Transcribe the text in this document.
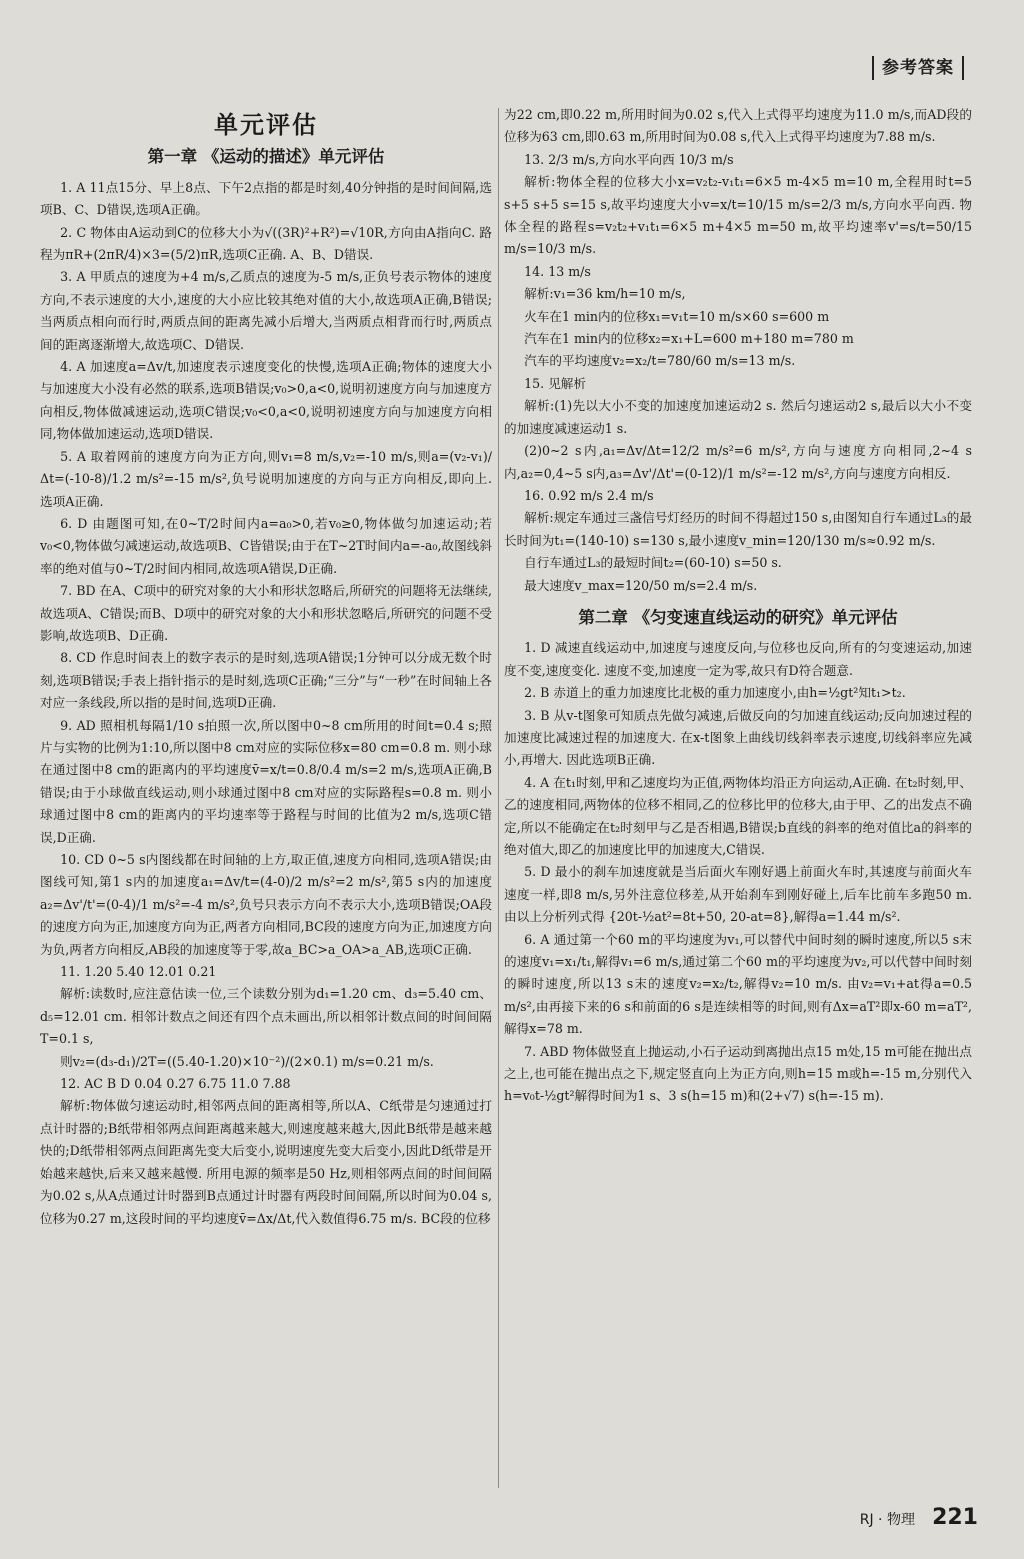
参考答案
单元评估
第一章 《运动的描述》单元评估

1. A 11点15分、早上8点、下午2点指的都是时刻,40分钟指的是时间间隔,选项B、C、D错误,选项A正确。

2. C 物体由A运动到C的位移大小为√((3R)²+R²)=√10R,方向由A指向C. 路程为πR+(2πR/4)×3=(5/2)πR,选项C正确. A、B、D错误.

3. A 甲质点的速度为+4 m/s,乙质点的速度为-5 m/s,正负号表示物体的速度方向,不表示速度的大小,速度的大小应比较其绝对值的大小,故选项A正确,B错误;当两质点相向而行时,两质点间的距离先减小后增大,当两质点相背而行时,两质点间的距离逐渐增大,故选项C、D错误.

4. A 加速度a=Δv/t,加速度表示速度变化的快慢,选项A正确;物体的速度大小与加速度大小没有必然的联系,选项B错误;v₀>0,a<0,说明初速度方向与加速度方向相反,物体做减速运动,选项C错误;v₀<0,a<0,说明初速度方向与加速度方向相同,物体做加速运动,选项D错误.

5. A 取着网前的速度方向为正方向,则v₁=8 m/s,v₂=-10 m/s,则a=(v₂-v₁)/Δt=(-10-8)/1.2 m/s²=-15 m/s²,负号说明加速度的方向与正方向相反,即向上. 选项A正确.

6. D 由题图可知,在0~T/2时间内a=a₀>0,若v₀≥0,物体做匀加速运动;若v₀<0,物体做匀减速运动,故选项B、C皆错误;由于在T~2T时间内a=-a₀,故图线斜率的绝对值与0~T/2时间内相同,故选项A错误,D正确.

7. BD 在A、C项中的研究对象的大小和形状忽略后,所研究的问题将无法继续,故选项A、C错误;而B、D项中的研究对象的大小和形状忽略后,所研究的问题不受影响,故选项B、D正确.

8. CD 作息时间表上的数字表示的是时刻,选项A错误;1分钟可以分成无数个时刻,选项B错误;手表上指针指示的是时刻,选项C正确;“三分”与“一秒”在时间轴上各对应一条线段,所以指的是时间,选项D正确.

9. AD 照相机每隔1/10 s拍照一次,所以图中0~8 cm所用的时间t=0.4 s;照片与实物的比例为1:10,所以图中8 cm对应的实际位移x=80 cm=0.8 m. 则小球在通过图中8 cm的距离内的平均速度v̄=x/t=0.8/0.4 m/s=2 m/s,选项A正确,B错误;由于小球做直线运动,则小球通过图中8 cm对应的实际路程s=0.8 m. 则小球通过图中8 cm的距离内的平均速率等于路程与时间的比值为2 m/s,选项C错误,D正确.

10. CD 0~5 s内图线都在时间轴的上方,取正值,速度方向相同,选项A错误;由图线可知,第1 s内的加速度a₁=Δv/t=(4-0)/2 m/s²=2 m/s²,第5 s内的加速度a₂=Δv'/t'=(0-4)/1 m/s²=-4 m/s²,负号只表示方向不表示大小,选项B错误;OA段的速度方向为正,加速度方向为正,两者方向相同,BC段的速度方向为正,加速度方向为负,两者方向相反,AB段的加速度等于零,故a_BC>a_OA>a_AB,选项C正确.

11. 1.20 5.40 12.01 0.21

解析:读数时,应注意估读一位,三个读数分别为d₁=1.20 cm、d₃=5.40 cm、d₅=12.01 cm. 相邻计数点之间还有四个点未画出,所以相邻计数点间的时间间隔T=0.1 s,

则v₂=(d₃-d₁)/2T=((5.40-1.20)×10⁻²)/(2×0.1) m/s=0.21 m/s.

12. AC B D 0.04 0.27 6.75 11.0 7.88

解析:物体做匀速运动时,相邻两点间的距离相等,所以A、C纸带是匀速通过打点计时器的;B纸带相邻两点间距离越来越大,则速度越来越大,因此B纸带是越来越快的;D纸带相邻两点间距离先变大后变小,说明速度先变大后变小,因此D纸带是开始越来越快,后来又越来越慢. 所用电源的频率是50 Hz,则相邻两点间的时间间隔为0.02 s,从A点通过计时器到B点通过计时器有两段时间间隔,所以时间为0.04 s,位移为0.27 m,这段时间的平均速度v̄=Δx/Δt,代入数值得6.75 m/s. BC段的位移

为22 cm,即0.22 m,所用时间为0.02 s,代入上式得平均速度为11.0 m/s,而AD段的位移为63 cm,即0.63 m,所用时间为0.08 s,代入上式得平均速度为7.88 m/s.

13. 2/3 m/s,方向水平向西 10/3 m/s

解析:物体全程的位移大小x=v₂t₂-v₁t₁=6×5 m-4×5 m=10 m,全程用时t=5 s+5 s+5 s=15 s,故平均速度大小v=x/t=10/15 m/s=2/3 m/s,方向水平向西. 物体全程的路程s=v₂t₂+v₁t₁=6×5 m+4×5 m=50 m,故平均速率v'=s/t=50/15 m/s=10/3 m/s.

14. 13 m/s

解析:v₁=36 km/h=10 m/s,

火车在1 min内的位移x₁=v₁t=10 m/s×60 s=600 m

汽车在1 min内的位移x₂=x₁+L=600 m+180 m=780 m

汽车的平均速度v₂=x₂/t=780/60 m/s=13 m/s.

15. 见解析

解析:(1)先以大小不变的加速度加速运动2 s. 然后匀速运动2 s,最后以大小不变的加速度减速运动1 s.

(2)0~2 s内,a₁=Δv/Δt=12/2 m/s²=6 m/s²,方向与速度方向相同,2~4 s内,a₂=0,4~5 s内,a₃=Δv'/Δt'=(0-12)/1 m/s²=-12 m/s²,方向与速度方向相反.

16. 0.92 m/s 2.4 m/s

解析:规定车通过三盏信号灯经历的时间不得超过150 s,由图知自行车通过L₃的最长时间为t₁=(140-10) s=130 s,最小速度v_min=120/130 m/s≈0.92 m/s.

自行车通过L₃的最短时间t₂=(60-10) s=50 s.

最大速度v_max=120/50 m/s=2.4 m/s.

第二章 《匀变速直线运动的研究》单元评估

1. D 减速直线运动中,加速度与速度反向,与位移也反向,所有的匀变速运动,加速度不变,速度变化. 速度不变,加速度一定为零,故只有D符合题意.

2. B 赤道上的重力加速度比北极的重力加速度小,由h=½gt²知t₁>t₂.

3. B 从v-t图象可知质点先做匀减速,后做反向的匀加速直线运动;反向加速过程的加速度比减速过程的加速度大. 在x-t图象上曲线切线斜率表示速度,切线斜率应先减小,再增大. 因此选项B正确.

4. A 在t₁时刻,甲和乙速度均为正值,两物体均沿正方向运动,A正确. 在t₂时刻,甲、乙的速度相同,两物体的位移不相同,乙的位移比甲的位移大,由于甲、乙的出发点不确定,所以不能确定在t₂时刻甲与乙是否相遇,B错误;b直线的斜率的绝对值比a的斜率的绝对值大,即乙的加速度比甲的加速度大,C错误.

5. D 最小的刹车加速度就是当后面火车刚好遇上前面火车时,其速度与前面火车速度一样,即8 m/s,另外注意位移差,从开始刹车到刚好碰上,后车比前车多跑50 m. 由以上分析列式得 {20t-½at²=8t+50, 20-at=8},解得a=1.44 m/s².

6. A 通过第一个60 m的平均速度为v₁,可以替代中间时刻的瞬时速度,所以5 s末的速度v₁=x₁/t₁,解得v₁=6 m/s,通过第二个60 m的平均速度为v₂,可以代替中间时刻的瞬时速度,所以13 s末的速度v₂=x₂/t₂,解得v₂=10 m/s. 由v₂=v₁+at得a=0.5 m/s²,由再接下来的6 s和前面的6 s是连续相等的时间,则有Δx=aT²即x-60 m=aT²,解得x=78 m.

7. ABD 物体做竖直上抛运动,小石子运动到离抛出点15 m处,15 m可能在抛出点之上,也可能在抛出点之下,规定竖直向上为正方向,则h=15 m或h=-15 m,分别代入h=v₀t-½gt²解得时间为1 s、3 s(h=15 m)和(2+√7) s(h=-15 m).

RJ · 物理 221
